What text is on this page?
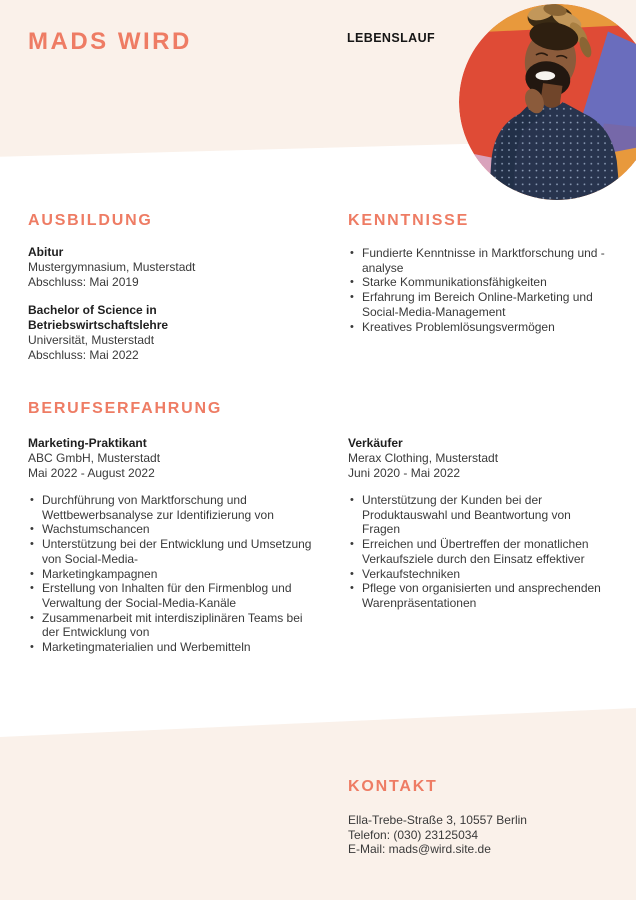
MADS WIRD	LEBENSLAUF
AUSBILDUNG
Abitur
Mustergymnasium, Musterstadt
Abschluss: Mai 2019
Bachelor of Science in Betriebswirtschaftslehre
Universität, Musterstadt
Abschluss: Mai 2022
KENNTNISSE
• Fundierte Kenntnisse in Marktforschung und -analyse
• Starke Kommunikationsfähigkeiten
• Erfahrung im Bereich Online-Marketing und Social-Media-Management
• Kreatives Problemlösungsvermögen
BERUFSERFAHRUNG
Marketing-Praktikant
ABC GmbH, Musterstadt
Mai 2022 - August 2022
• Durchführung von Marktforschung und Wettbewerbsanalyse zur Identifizierung von
• Wachstumschancen
• Unterstützung bei der Entwicklung und Umsetzung von Social-Media-
• Marketingkampagnen
• Erstellung von Inhalten für den Firmenblog und Verwaltung der Social-Media-Kanäle
• Zusammenarbeit mit interdisziplinären Teams bei der Entwicklung von
• Marketingmaterialien und Werbemitteln
Verkäufer
Merax Clothing, Musterstadt
Juni 2020 - Mai 2022
• Unterstützung der Kunden bei der Produktauswahl und Beantwortung von Fragen
• Erreichen und Übertreffen der monatlichen Verkaufsziele durch den Einsatz effektiver
• Verkaufstechniken
• Pflege von organisierten und ansprechenden Warenpräsentationen
KONTAKT
Ella-Trebe-Straße 3, 10557 Berlin
Telefon: (030) 23125034
E-Mail: mads@wird.site.de
